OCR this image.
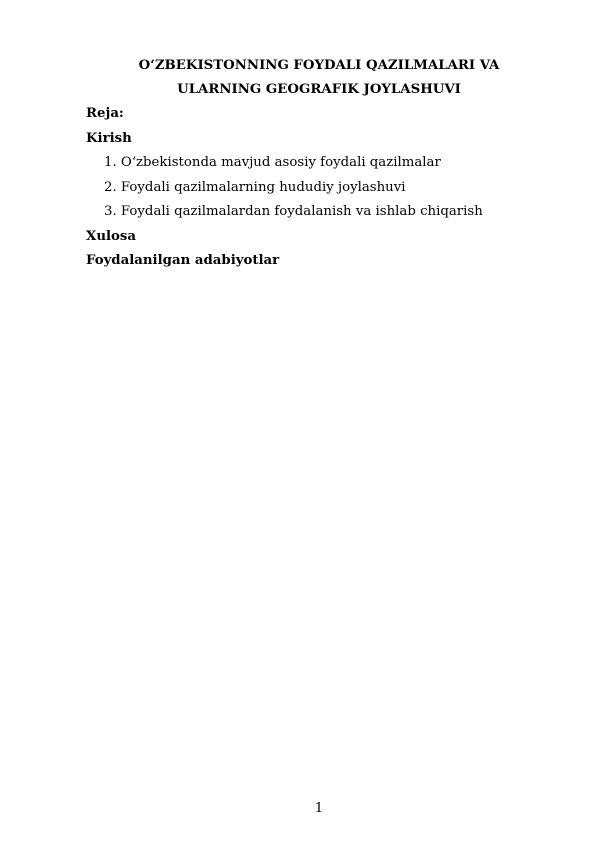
O‘ZBEKISTONNING FOYDALI QAZILMALARI VA
ULARNING GEOGRAFIK JOYLASHUVI

Reja:

Kirish

1. O‘zbekistonda mavjud asosiy foydali qazilmalar

2. Foydali qazilmalarning hududiy joylashuvi

3. Foydali qazilmalardan foydalanish va ishlab chiqarish

Xulosa

Foydalanilgan adabiyotlar

1
